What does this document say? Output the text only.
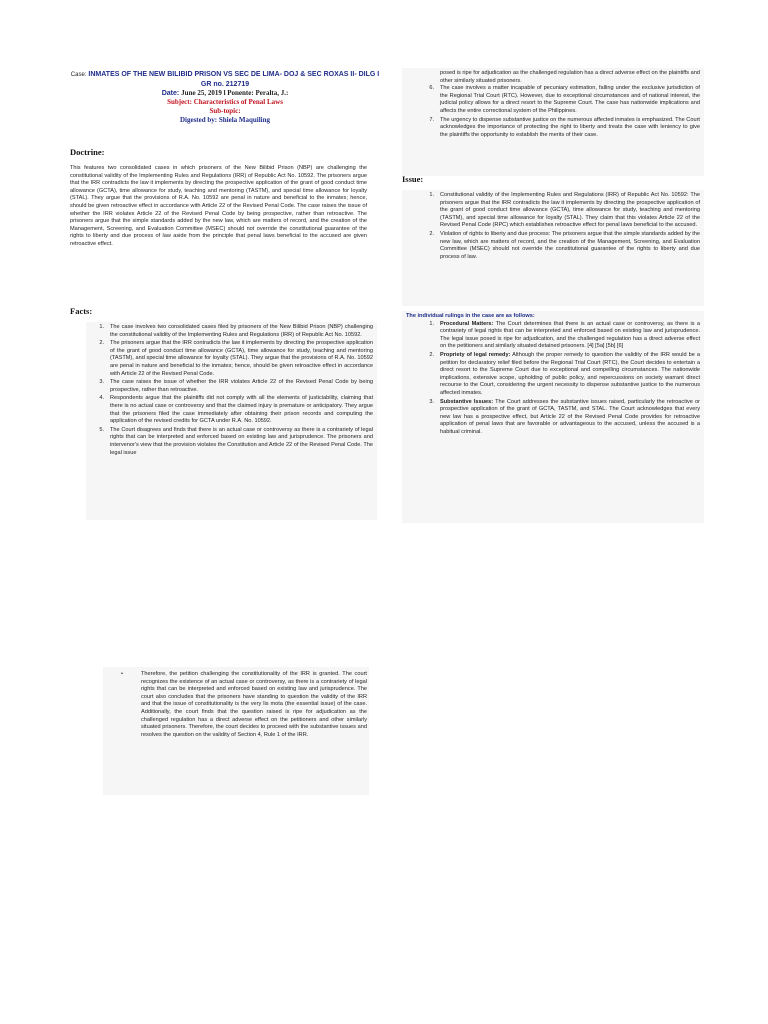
Case: INMATES OF THE NEW BILIBID PRISON VS SEC DE LIMA- DOJ & SEC ROXAS II- DILG I GR no. 212719
Date: June 25, 2019 l Ponente: Peralta, J.:
Subject: Characteristics of Penal Laws
Sub-topic:
Digested by: Shiela Maquiling
Doctrine:
This features two consolidated cases in which prisoners of the New Bilibid Prison (NBP) are challenging the constitutional validity of the Implementing Rules and Regulations (IRR) of Republic Act No. 10592. The prisoners argue that the IRR contradicts the law it implements by directing the prospective application of the grant of good conduct time allowance (GCTA), time allowance for study, teaching and mentoring (TASTM), and special time allowance for loyalty (STAL). They argue that the provisions of R.A. No. 10592 are penal in nature and beneficial to the inmates; hence, should be given retroactive effect in accordance with Article 22 of the Revised Penal Code. The case raises the issue of whether the IRR violates Article 22 of the Revised Penal Code by being prospective, rather than retroactive. The prisoners argue that the simple standards added by the new law, which are matters of record, and the creation of the Management, Screening, and Evaluation Committee (MSEC) should not override the constitutional guarantee of the rights to liberty and due process of law aside from the principle that penal laws beneficial to the accused are given retroactive effect.
Facts:
1. The case involves two consolidated cases filed by prisoners of the New Bilibid Prison (NBP) challenging the constitutional validity of the Implementing Rules and Regulations (IRR) of Republic Act No. 10592.
2. The prisoners argue that the IRR contradicts the law it implements by directing the prospective application of the grant of good conduct time allowance (GCTA), time allowance for study, teaching and mentoring (TASTM), and special time allowance for loyalty (STAL). They argue that the provisions of R.A. No. 10592 are penal in nature and beneficial to the inmates; hence, should be given retroactive effect in accordance with Article 22 of the Revised Penal Code.
3. The case raises the issue of whether the IRR violates Article 22 of the Revised Penal Code by being prospective, rather than retroactive.
4. Respondents argue that the plaintiffs did not comply with all the elements of justiciability, claiming that there is no actual case or controversy and that the claimed injury is premature or anticipatory. They argue that the prisoners filed the case immediately after obtaining their prison records and computing the application of the revised credits for GCTA under R.A. No. 10592.
5. The Court disagrees and finds that there is an actual case or controversy as there is a contrariety of legal rights that can be interpreted and enforced based on existing law and jurisprudence. The prisoners and intervenor's view that the provision violates the Constitution and Article 22 of the Revised Penal Code. The legal issue
posed is ripe for adjudication as the challenged regulation has a direct adverse effect on the plaintiffs and other similarly situated prisoners.
6. The case involves a matter incapable of pecuniary estimation, falling under the exclusive jurisdiction of the Regional Trial Court (RTC). However, due to exceptional circumstances and of national interest, the judicial policy allows for a direct resort to the Supreme Court. The case has nationwide implications and affects the entire correctional system of the Philippines.
7. The urgency to dispense substantive justice on the numerous affected inmates is emphasized. The Court acknowledges the importance of protecting the right to liberty and treats the case with leniency to give the plaintiffs the opportunity to establish the merits of their case.
Issue:
1. Constitutional validity of the Implementing Rules and Regulations (IRR) of Republic Act No. 10592: The prisoners argue that the IRR contradicts the law it implements by directing the prospective application of the grant of good conduct time allowance (GCTA), time allowance for study, teaching and mentoring (TASTM), and special time allowance for loyalty (STAL). They claim that this violates Article 22 of the Revised Penal Code (RPC) which establishes retroactive effect for penal laws beneficial to the accused.
2. Violation of rights to liberty and due process: The prisoners argue that the simple standards added by the new law, which are matters of record, and the creation of the Management, Screening, and Evaluation Committee (MSEC) should not override the constitutional guarantee of the rights to liberty and due process of law.
The individual rulings in the case are as follows:
1. Procedural Matters: The Court determines that there is an actual case or controversy, as there is a contrariety of legal rights that can be interpreted and enforced based on existing law and jurisprudence. The legal issue posed is ripe for adjudication, and the challenged regulation has a direct adverse effect on the petitioners and similarly situated detained prisoners. [4] [5a] [5b] [6]
2. Propriety of legal remedy: Although the proper remedy to question the validity of the IRR would be a petition for declaratory relief filed before the Regional Trial Court (RTC), the Court decides to entertain a direct resort to the Supreme Court due to exceptional and compelling circumstances. The nationwide implications, extensive scope, upholding of public policy, and repercussions on society warrant direct recourse to the Court, considering the urgent necessity to dispense substantive justice to the numerous affected inmates.
3. Substantive Issues: The Court addresses the substantive issues raised, particularly the retroactive or prospective application of the grant of GCTA, TASTM, and STAL. The Court acknowledges that every new law has a prospective effect, but Article 22 of the Revised Penal Code provides for retroactive application of penal laws that are favorable or advantageous to the accused, unless the accused is a habitual criminal.
•	Therefore, the petition challenging the constitutionality of the IRR is granted. The court recognizes the existence of an actual case or controversy, as there is a contrariety of legal rights that can be interpreted and enforced based on existing law and jurisprudence. The court also concludes that the prisoners have standing to question the validity of the IRR and that the issue of constitutionality is the very lis mota (the essential issue) of the case. Additionally, the court finds that the question raised is ripe for adjudication as the challenged regulation has a direct adverse effect on the petitioners and other similarly situated prisoners. Therefore, the court decides to proceed with the substantive issues and resolves the question on the validity of Section 4, Rule 1 of the IRR.
